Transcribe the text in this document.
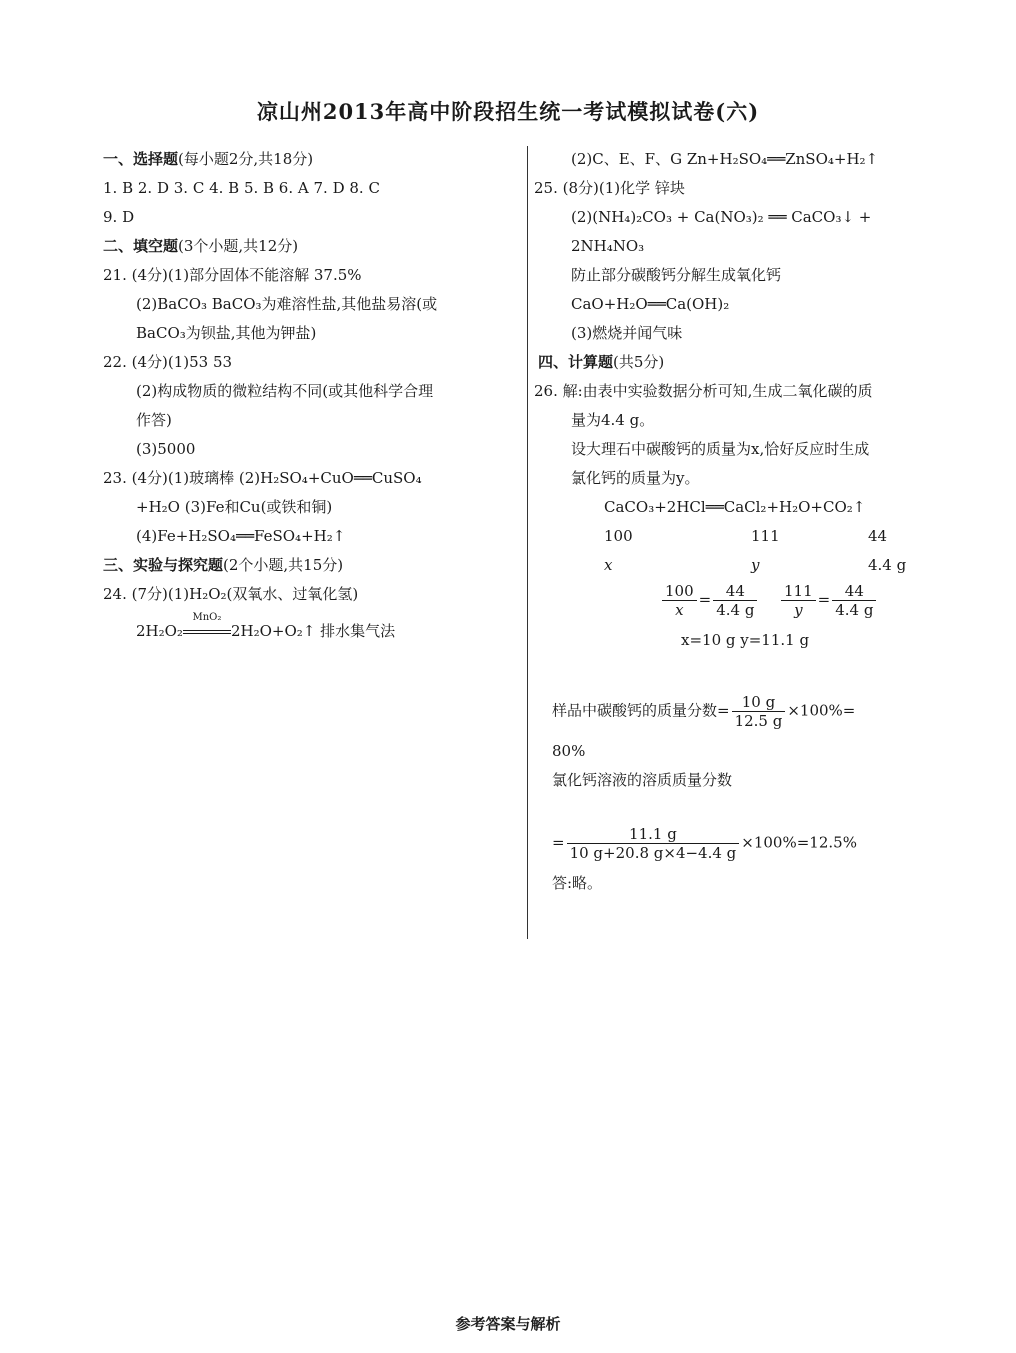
凉山州2013年高中阶段招生统一考试模拟试卷(六)
一、选择题(每小题2分,共18分)
1. B 2. D 3. C 4. B 5. B 6. A 7. D 8. C
9. D
二、填空题(3个小题,共12分)
21. (4分)(1)部分固体不能溶解 37.5%
(2)BaCO₃ BaCO₃为难溶性盐,其他盐易溶(或
BaCO₃为钡盐,其他为钾盐)
22. (4分)(1)53 53
(2)构成物质的微粒结构不同(或其他科学合理
作答)
(3)5000
23. (4分)(1)玻璃棒 (2)H₂SO₄+CuO══CuSO₄
+H₂O (3)Fe和Cu(或铁和铜)
(4)Fe+H₂SO₄══FeSO₄+H₂↑
三、实验与探究题(2个小题,共15分)
24. (7分)(1)H₂O₂(双氧水、过氧化氢)
2H₂O₂
MnO₂
2H₂O+O₂↑ 排水集气法
(2)C、E、F、G Zn+H₂SO₄══ZnSO₄+H₂↑
25. (8分)(1)化学 锌块
(2)(NH₄)₂CO₃ + Ca(NO₃)₂ ══ CaCO₃↓ +
2NH₄NO₃
防止部分碳酸钙分解生成氧化钙
CaO+H₂O══Ca(OH)₂
(3)燃烧并闻气味
四、计算题(共5分)
26. 解:由表中实验数据分析可知,生成二氧化碳的质
量为4.4 g。
设大理石中碳酸钙的质量为x,恰好反应时生成
氯化钙的质量为y。
CaCO₃+2HCl══CaCl₂+H₂O+CO₂↑
100	111	44
x	y	4.4 g
$\frac{100}{x} = \frac{44}{4.4 g}$
$\frac{111}{y} = \frac{44}{4.4 g}$
x=10 g y=11.1 g
样品中碳酸钙的质量分数= $\frac{10 g}{12.5 g} \times 100\%=$
80%
氯化钙溶液的溶质质量分数
= $\frac{11.1 g}{10 g+20.8 g\times 4-4.4 g} \times 100\%=12.5\%$
答:略。
参考答案与解析
